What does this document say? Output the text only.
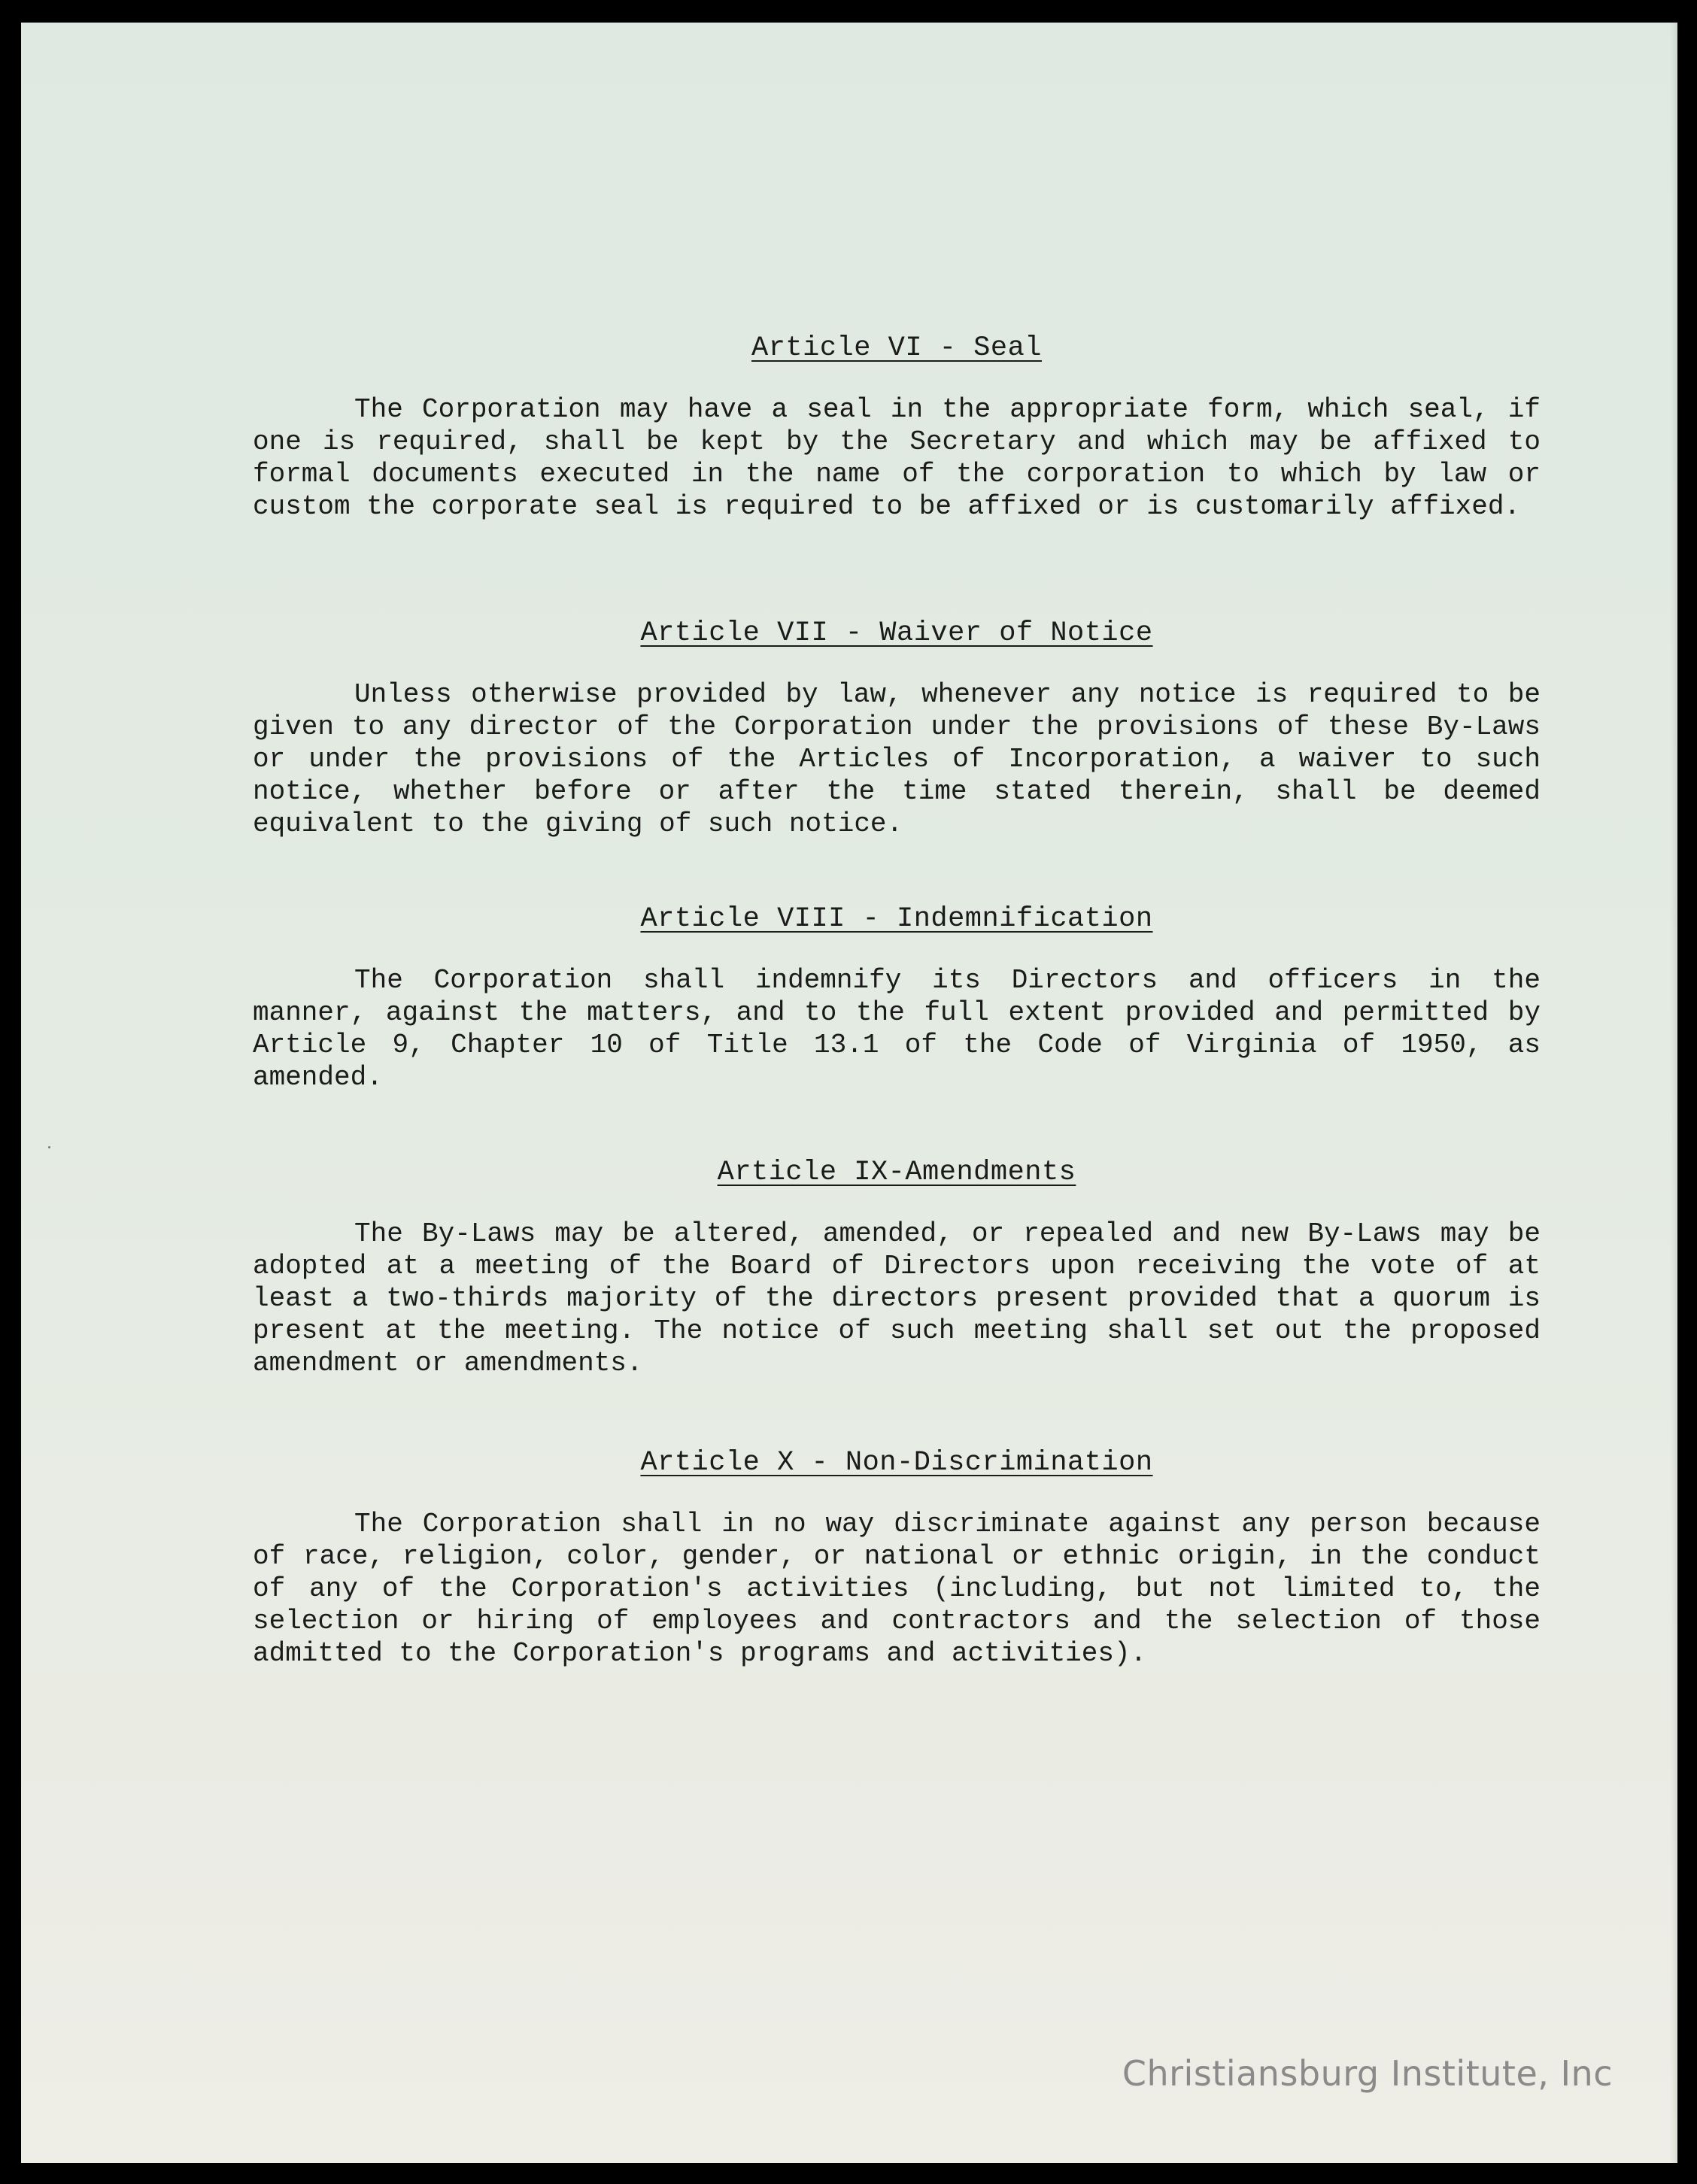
Article VI - Seal

The Corporation may have a seal in the appropriate form, which seal, if one is required, shall be kept by the Secretary and which may be affixed to formal documents executed in the name of the corporation to which by law or custom the corporate seal is required to be affixed or is customarily affixed.

Article VII - Waiver of Notice

Unless otherwise provided by law, whenever any notice is required to be given to any director of the Corporation under the provisions of these By-Laws or under the provisions of the Articles of Incorporation, a waiver to such notice, whether before or after the time stated therein, shall be deemed equivalent to the giving of such notice.

Article VIII - Indemnification

The Corporation shall indemnify its Directors and officers in the manner, against the matters, and to the full extent provided and permitted by Article 9, Chapter 10 of Title 13.1 of the Code of Virginia of 1950, as amended.

Article IX-Amendments

The By-Laws may be altered, amended, or repealed and new By-Laws may be adopted at a meeting of the Board of Directors upon receiving the vote of at least a two-thirds majority of the directors present provided that a quorum is present at the meeting. The notice of such meeting shall set out the proposed amendment or amendments.

Article X - Non-Discrimination

The Corporation shall in no way discriminate against any person because of race, religion, color, gender, or national or ethnic origin, in the conduct of any of the Corporation's activities (including, but not limited to, the selection or hiring of employees and contractors and the selection of those admitted to the Corporation's programs and activities).

Christiansburg Institute, Inc
